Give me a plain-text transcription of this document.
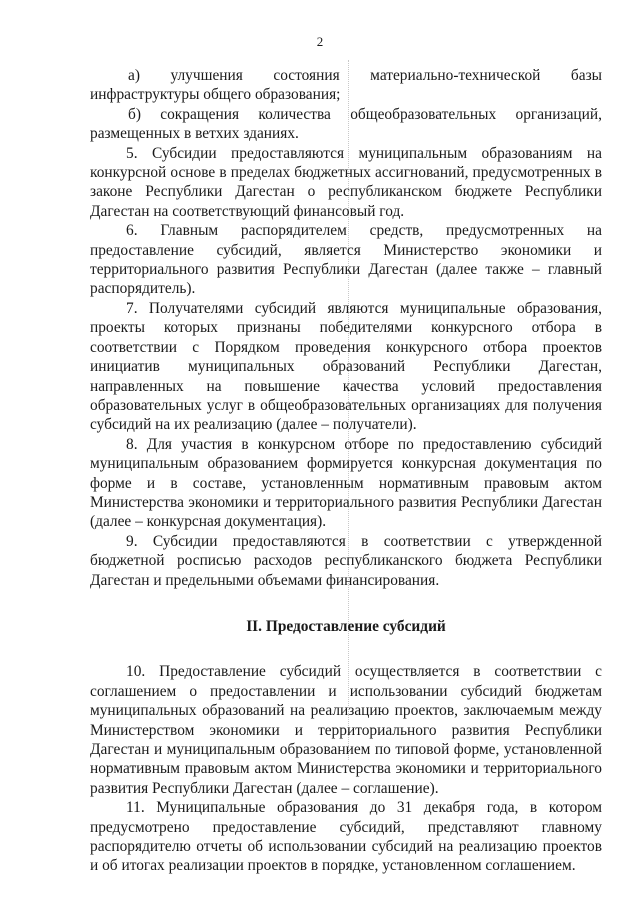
2

а) улучшения состояния материально-технической базы инфраструктуры общего образования;

б) сокращения количества общеобразовательных организаций, размещенных в ветхих зданиях.

5. Субсидии предоставляются муниципальным образованиям на конкурсной основе в пределах бюджетных ассигнований, предусмотренных в законе Республики Дагестан о республиканском бюджете Республики Дагестан на соответствующий финансовый год.

6. Главным распорядителем средств, предусмотренных на предоставление субсидий, является Министерство экономики и территориального развития Республики Дагестан (далее также – главный распорядитель).

7. Получателями субсидий являются муниципальные образования, проекты которых признаны победителями конкурсного отбора в соответствии с Порядком проведения конкурсного отбора проектов инициатив муниципальных образований Республики Дагестан, направленных на повышение качества условий предоставления образовательных услуг в общеобразовательных организациях для получения субсидий на их реализацию (далее – получатели).

8. Для участия в конкурсном отборе по предоставлению субсидий муниципальным образованием формируется конкурсная документация по форме и в составе, установленным нормативным правовым актом Министерства экономики и территориального развития Республики Дагестан (далее – конкурсная документация).

9. Субсидии предоставляются в соответствии с утвержденной бюджетной росписью расходов республиканского бюджета Республики Дагестан и предельными объемами финансирования.

II. Предоставление субсидий

10. Предоставление субсидий осуществляется в соответствии с соглашением о предоставлении и использовании субсидий бюджетам муниципальных образований на реализацию проектов, заключаемым между Министерством экономики и территориального развития Республики Дагестан и муниципальным образованием по типовой форме, установленной нормативным правовым актом Министерства экономики и территориального развития Республики Дагестан (далее – соглашение).

11. Муниципальные образования до 31 декабря года, в котором предусмотрено предоставление субсидий, представляют главному распорядителю отчеты об использовании субсидий на реализацию проектов и об итогах реализации проектов в порядке, установленном соглашением.
